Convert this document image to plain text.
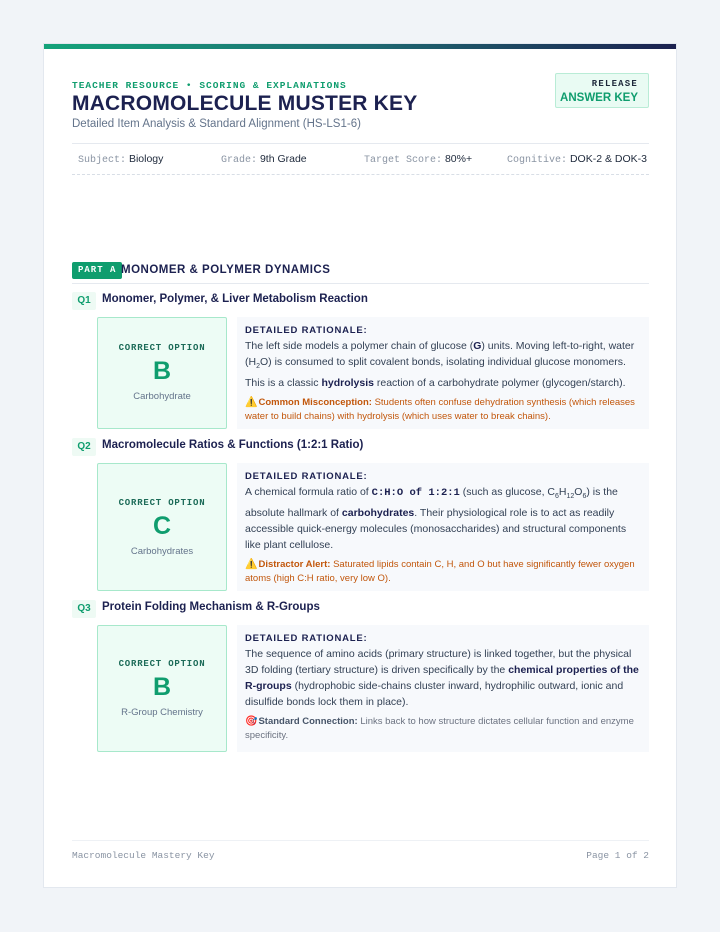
TEACHER RESOURCE • SCORING & EXPLANATIONS
MACROMOLECULE MUSTER KEY
Detailed Item Analysis & Standard Alignment (HS-LS1-6)
RELEASE
ANSWER KEY
Subject: Biology	Grade: 9th Grade	Target Score: 80%+	Cognitive: DOK-2 & DOK-3
PART A MONOMER & POLYMER DYNAMICS
Q1 Monomer, Polymer, & Liver Metabolism Reaction
CORRECT OPTION
B
Carbohydrate
DETAILED RATIONALE:
The left side models a polymer chain of glucose (G) units. Moving left-to-right, water $(H_2O)$ is consumed to split covalent bonds, isolating individual glucose monomers. This is a classic hydrolysis reaction of a carbohydrate polymer (glycogen/starch).
⚠️Common Misconception: Students often confuse dehydration synthesis (which releases water to build chains) with hydrolysis (which uses water to break chains).
Q2 Macromolecule Ratios & Functions (1:2:1 Ratio)
CORRECT OPTION
C
Carbohydrates
DETAILED RATIONALE:
A chemical formula ratio of C:H:O of 1:2:1 (such as glucose, $C_6H_{12}O_6$) is the absolute hallmark of carbohydrates. Their physiological role is to act as readily accessible quick-energy molecules (monosaccharides) and structural components like plant cellulose.
⚠️Distractor Alert: Saturated lipids contain C, H, and O but have significantly fewer oxygen atoms (high C:H ratio, very low O).
Q3 Protein Folding Mechanism & R-Groups
CORRECT OPTION
B
R-Group Chemistry
DETAILED RATIONALE:
The sequence of amino acids (primary structure) is linked together, but the physical 3D folding (tertiary structure) is driven specifically by the chemical properties of the R-groups (hydrophobic side-chains cluster inward, hydrophilic outward, ionic and disulfide bonds lock them in place).
🎯Standard Connection: Links back to how structure dictates cellular function and enzyme specificity.
Macromolecule Mastery Key	Page 1 of 2
